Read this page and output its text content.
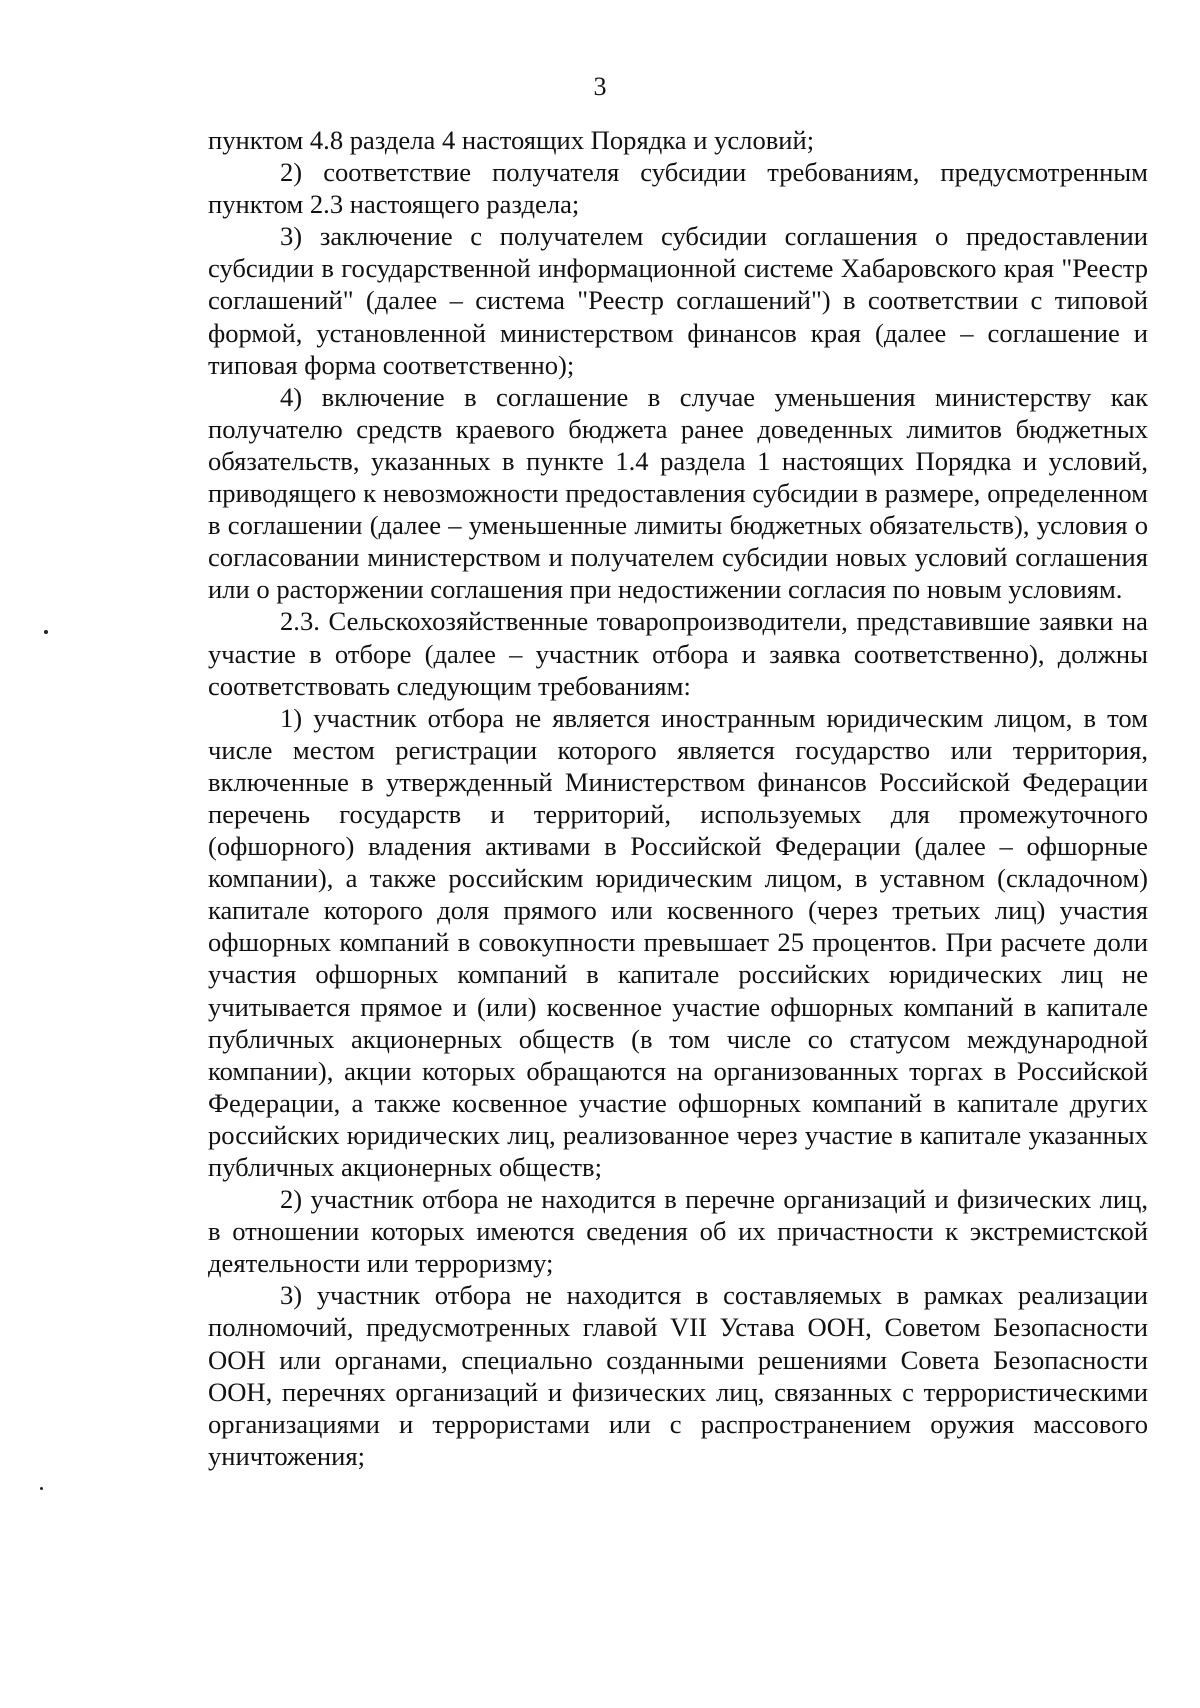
3

пунктом 4.8 раздела 4 настоящих Порядка и условий;

2) соответствие получателя субсидии требованиям, предусмотренным пунктом 2.3 настоящего раздела;

3) заключение с получателем субсидии соглашения о предоставлении субсидии в государственной информационной системе Хабаровского края "Реестр соглашений" (далее – система "Реестр соглашений") в соответствии с типовой формой, установленной министерством финансов края (далее – соглашение и типовая форма соответственно);

4) включение в соглашение в случае уменьшения министерству как получателю средств краевого бюджета ранее доведенных лимитов бюджетных обязательств, указанных в пункте 1.4 раздела 1 настоящих Порядка и условий, приводящего к невозможности предоставления субсидии в размере, определенном в соглашении (далее – уменьшенные лимиты бюджетных обязательств), условия о согласовании министерством и получателем субсидии новых условий соглашения или о расторжении соглашения при недостижении согласия по новым условиям.

2.3. Сельскохозяйственные товаропроизводители, представившие заявки на участие в отборе (далее – участник отбора и заявка соответственно), должны соответствовать следующим требованиям:

1) участник отбора не является иностранным юридическим лицом, в том числе местом регистрации которого является государство или территория, включенные в утвержденный Министерством финансов Российской Федерации перечень государств и территорий, используемых для промежуточного (офшорного) владения активами в Российской Федерации (далее – офшорные компании), а также российским юридическим лицом, в уставном (складочном) капитале которого доля прямого или косвенного (через третьих лиц) участия офшорных компаний в совокупности превышает 25 процентов. При расчете доли участия офшорных компаний в капитале российских юридических лиц не учитывается прямое и (или) косвенное участие офшорных компаний в капитале публичных акционерных обществ (в том числе со статусом международной компании), акции которых обращаются на организованных торгах в Российской Федерации, а также косвенное участие офшорных компаний в капитале других российских юридических лиц, реализованное через участие в капитале указанных публичных акционерных обществ;

2) участник отбора не находится в перечне организаций и физических лиц, в отношении которых имеются сведения об их причастности к экстремистской деятельности или терроризму;

3) участник отбора не находится в составляемых в рамках реализации полномочий, предусмотренных главой VII Устава ООН, Советом Безопасности ООН или органами, специально созданными решениями Совета Безопасности ООН, перечнях организаций и физических лиц, связанных с террористическими организациями и террористами или с распространением оружия массового уничтожения;
